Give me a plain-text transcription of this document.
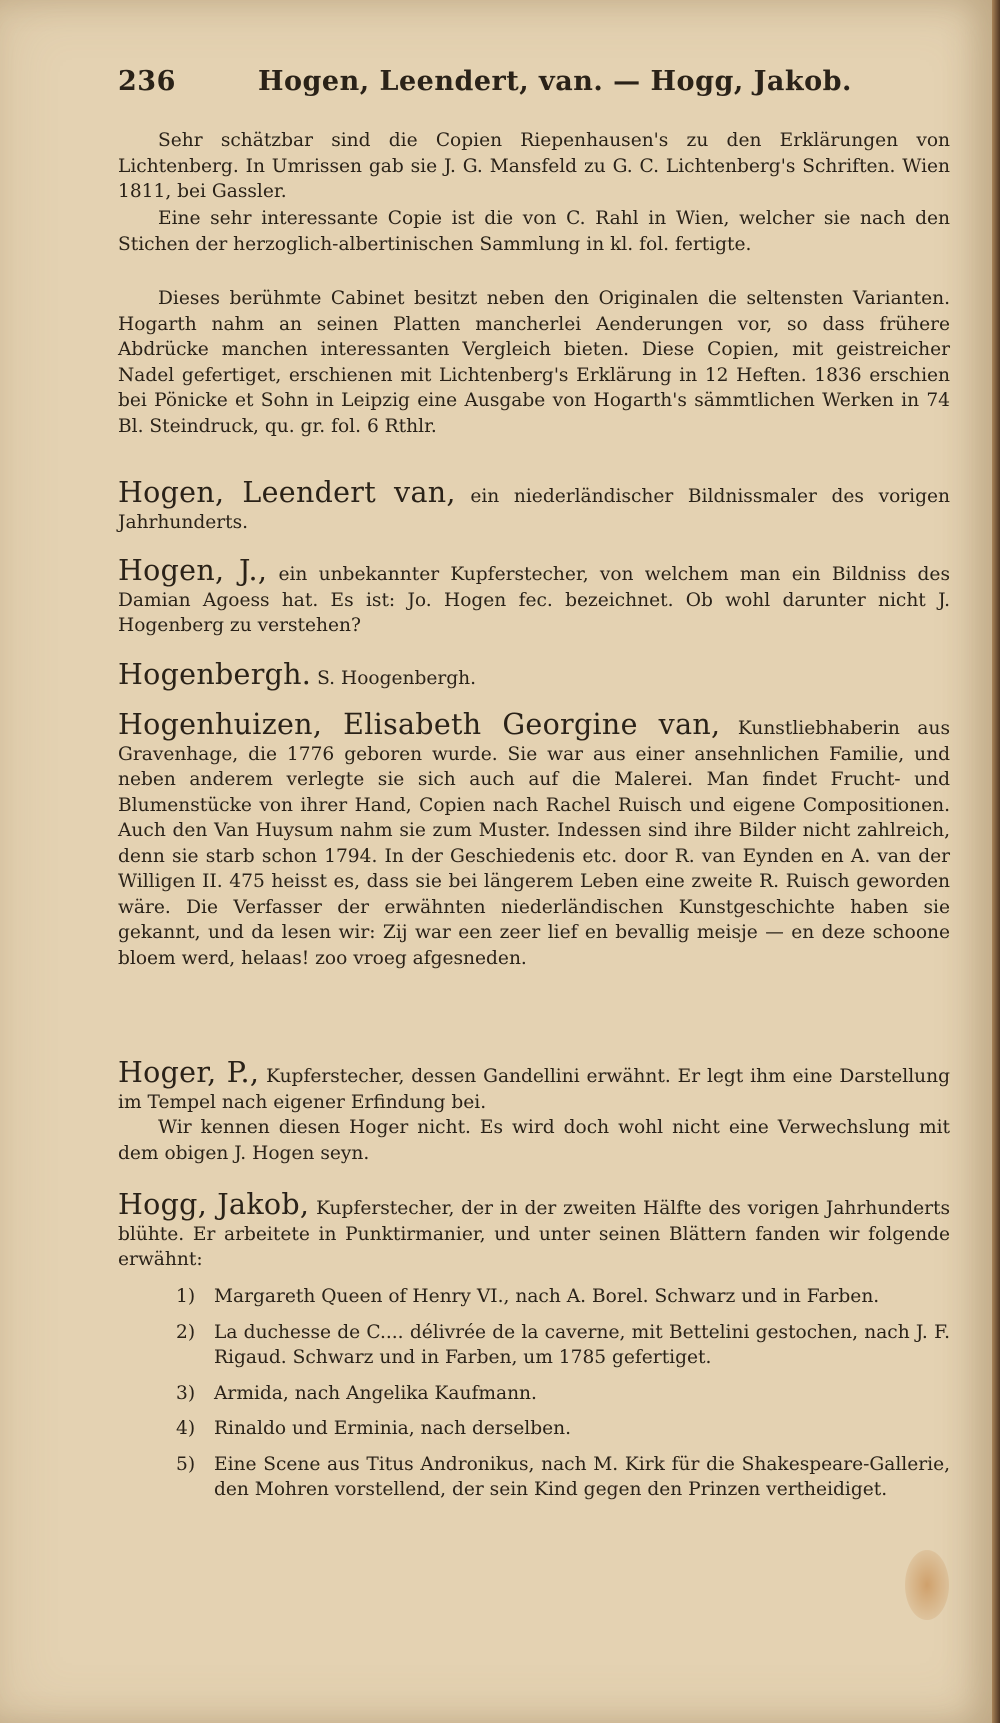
236	Hogen, Leendert, van. — Hogg, Jakob.
Sehr schätzbar sind die Copien Riepenhausen's zu den Erklärungen von Lichtenberg. In Umrissen gab sie J. G. Mansfeld zu G. C. Lichtenberg's Schriften. Wien 1811, bei Gassler.
Eine sehr interessante Copie ist die von C. Rahl in Wien, welcher sie nach den Stichen der herzoglich-albertinischen Sammlung in kl. fol. fertigte.
Dieses berühmte Cabinet besitzt neben den Originalen die seltensten Varianten. Hogarth nahm an seinen Platten mancherlei Aenderungen vor, so dass frühere Abdrücke manchen interessanten Vergleich bieten. Diese Copien, mit geistreicher Nadel gefertiget, erschienen mit Lichtenberg's Erklärung in 12 Heften. 1836 erschien bei Pönicke et Sohn in Leipzig eine Ausgabe von Hogarth's sämmtlichen Werken in 74 Bl. Steindruck, qu. gr. fol. 6 Rthlr.
Hogen, Leendert van, ein niederländischer Bildnissmaler des vorigen Jahrhunderts.
Hogen, J., ein unbekannter Kupferstecher, von welchem man ein Bildniss des Damian Agoess hat. Es ist: Jo. Hogen fec. bezeichnet. Ob wohl darunter nicht J. Hogenberg zu verstehen?
Hogenbergh. S. Hoogenbergh.
Hogenhuizen, Elisabeth Georgine van, Kunstliebhaberin aus Gravenhage, die 1776 geboren wurde. Sie war aus einer ansehnlichen Familie, und neben anderem verlegte sie sich auch auf die Malerei. Man findet Frucht- und Blumenstücke von ihrer Hand, Copien nach Rachel Ruisch und eigene Compositionen. Auch den Van Huysum nahm sie zum Muster. Indessen sind ihre Bilder nicht zahlreich, denn sie starb schon 1794. In der Geschiedenis etc. door R. van Eynden en A. van der Willigen II. 475 heisst es, dass sie bei längerem Leben eine zweite R. Ruisch geworden wäre. Die Verfasser der erwähnten niederländischen Kunstgeschichte haben sie gekannt, und da lesen wir: Zij war een zeer lief en bevallig meisje — en deze schoone bloem werd, helaas! zoo vroeg afgesneden.
Hoger, P., Kupferstecher, dessen Gandellini erwähnt. Er legt ihm eine Darstellung im Tempel nach eigener Erfindung bei.
Wir kennen diesen Hoger nicht. Es wird doch wohl nicht eine Verwechslung mit dem obigen J. Hogen seyn.
Hogg, Jakob, Kupferstecher, der in der zweiten Hälfte des vorigen Jahrhunderts blühte. Er arbeitete in Punktirmanier, und unter seinen Blättern fanden wir folgende erwähnt:
1)	Margareth Queen of Henry VI., nach A. Borel. Schwarz und in Farben.
2)	La duchesse de C.... délivrée de la caverne, mit Bettelini gestochen, nach J. F. Rigaud. Schwarz und in Farben, um 1785 gefertiget.
3)	Armida, nach Angelika Kaufmann.
4)	Rinaldo und Erminia, nach derselben.
5)	Eine Scene aus Titus Andronikus, nach M. Kirk für die Shakespeare-Gallerie, den Mohren vorstellend, der sein Kind gegen den Prinzen vertheidiget.
